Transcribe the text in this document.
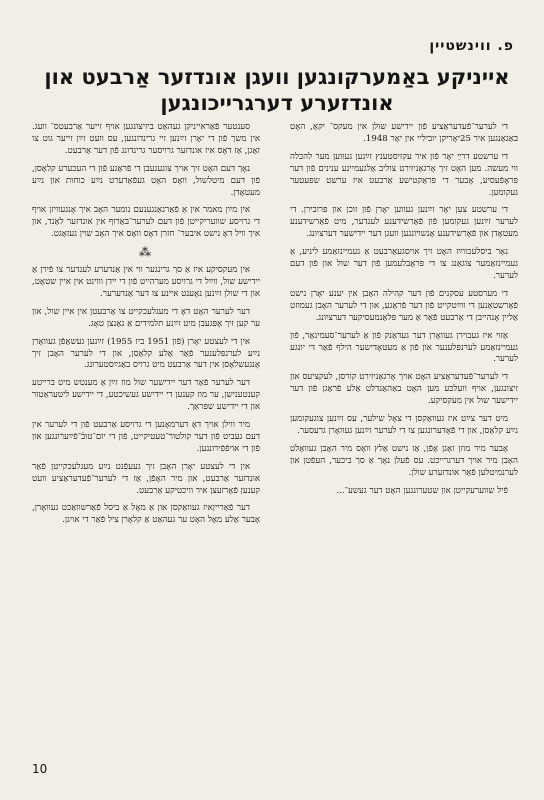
פ. ווינשטיין
אייניקע באַמערקונגען וועגן אונדזער אַרבעט און
אונדזערע דערגרייכונגען

די לערער־פֿעדעראַציע פֿון יידישע שולן אין מעקס־ יקאָ, האָט באַגאַנגען איר 25יאָריקן יוביליי אין יאָר 1948.

די ערשטע דרײַ יאָר פֿון איר עקזיסטענץ זײַנען געווען מער להכלה ווי מעשׂה. מען האָט זיך אָרגאַניזירט צוליב אַלגעמיינע ענינים פֿון דער פּראָפֿעסיע, אָבער די פּראַקטישע אַרבעט איז ערשט שפּעטער געקומען.

די ערשטע צען יאָר זײַנען געווען יאָרן פֿון זוכן און פּרובירן. די לערער זײַנען געקומען פֿון פֿאַרשידענע לענדער, מיט פֿאַרשידענע מעטאָדן און פֿאַרשידענע אָנשויונגען וועגן דער יידישער דערציִונג.

נאָר ביסלעכווײַז האָט זיך אויסגעאַרבעט אַ געמיינזאַמע ליניע, אַ געמיינזאַמער צוגאַנג צו די פּראָבלעמען פֿון דער שול און פֿון דעם לערער.

די מערסטע עסקנים פֿון דער קהילה האָבן אין יענע יאָרן נישט פֿאַרשטאַנען די ווײַטקייט פֿון דער פֿראַגע, און די לערער האָבן געמוזט אַליין אָנהייבן די אַרבעט פֿאַר אַ מער פּלאַנמעסיקער דערציִונג.

אַזוי איז געבוירן געוואָרן דער געדאַנק פֿון אַ לערער־סעמינאַר, פֿון געמיינזאַמע לערנפּלענער און פֿון אַ מעטאָדישער הילף פֿאַר די יונגע לערער.

די לערער־פֿעדעראַציע האָט אויך אָרגאַניזירט קורסן, לעקציעס און זיצונגען, אויף וועלכע מען האָט באַהאַנדלט אַלע פֿראַגן פֿון דער יידישער שול אין מעקסיקע.

מיט דער צײַט איז געוואַקסן די צאָל שילער, עס זײַנען צוגעקומען נײַע קלאַסן, און די פֿאָדערונגען צו די לערער זײַנען געוואָרן גרעסער.

אָבער מיר מוזן זאָגן אָפֿן, אַז נישט אַלץ וואָס מיר האָבן געוואָלט האָבן מיר אויך דערגרייכט. עס פֿעלן נאָך אַ סך ביכער, העפֿטן און לערנמיטלען פֿאַר אונדזערע שולן.

פֿיל שווערעקייטן און שטערונגען האָט דער געשע־...

סענטער פֿאַראייניקן געהאַט ביזיצונגען אויף זייער אַרבעטס־ וועג. אין משך פֿון די יאָרן זײַנען זיי גרינדונגען, עס וועט זײַן זייער גוט צו זאָגן, אַז דאָס איז אונדזער גרויסער גרינדונג פֿון דער אַרבעט.

נאָך דעם האָט זיך אויך צוגעגעבן די פֿראַגע פֿון די העכערע קלאַסן, פֿון דעם מיטלשול, וואָס האָט געפֿאָדערט נײַע כוחות און נײַע מעטאָדן.

אין מײַן מאמר אין אַ פֿאַרגאַנגענעם נומער האָב איך אָנגעוויזן אויף די גרויסע שוועריקייטן פֿון דעם לערער־באַרוף אין אונדזער לאַנד, און איך וויל דאָ נישט איבער־ חזרן דאָס וואָס איך האָב שוין געזאָגט.

⁂

אין מעקסיקע איז אַ סך גרינגער ווי אין אַנדערע לענדער צו פֿירן אַ יידישע שול, ווײַל די גרויסע מערהייט פֿון די יידן וווינט אין איין שטאָט, און די שולן זײַנען נאָענט איינע צו דער אַנדערער.

דער לערער האָט דאָ די מעגלעכקייט צו אַרבעטן אין איין שול, און ער קען זיך אָפּגעבן מיט זײַנע תלמידים אַ גאַנצן טאָג.

אין די לעצטע יאָרן (פֿון 1951 ביז 1955) זײַנען געשאַפֿן געוואָרן נײַע לערנפּלענער פֿאַר אַלע קלאַסן, און די לערער האָבן זיך אָנגעשלאָסן אין דער אַרבעט מיט גרויס באַגײַסטערונג.

דער לערער פֿאַר דער יידישער שול מוז זײַן אַ מענטש מיט ברייטע קענטענישן, ער מוז קענען די יידישע געשיכטע, די יידישע ליטעראַטור און די יידישע שפּראַך.

מיר ווילן אויך דאָ דערמאָנען די גרויסע אַרבעט פֿון די לערער אין דעם געביט פֿון דער קולטור־טעטיקייט, פֿון די יום־טובֿ־פֿײַערונגען און פֿון די אויפֿפֿירונגען.

אין די לעצטע יאָרן האָבן זיך געעפֿנט נײַע מעגלעכקייטן פֿאַר אונדזער אַרבעט, און מיר האָפֿן, אַז די לערער־פֿעדעראַציע וועט קענען פֿאָרזעצן איר וויכטיקע אַרבעט.

דער פֿאַרייןאיז געוואַקסן און אַ מאָל אַ ביסל פֿאַרשוואַכט געוואָרן, אָבער אַלע מאָל האָט ער געהאַט אַ קלאָרן ציל פֿאַר די אויגן.

10
